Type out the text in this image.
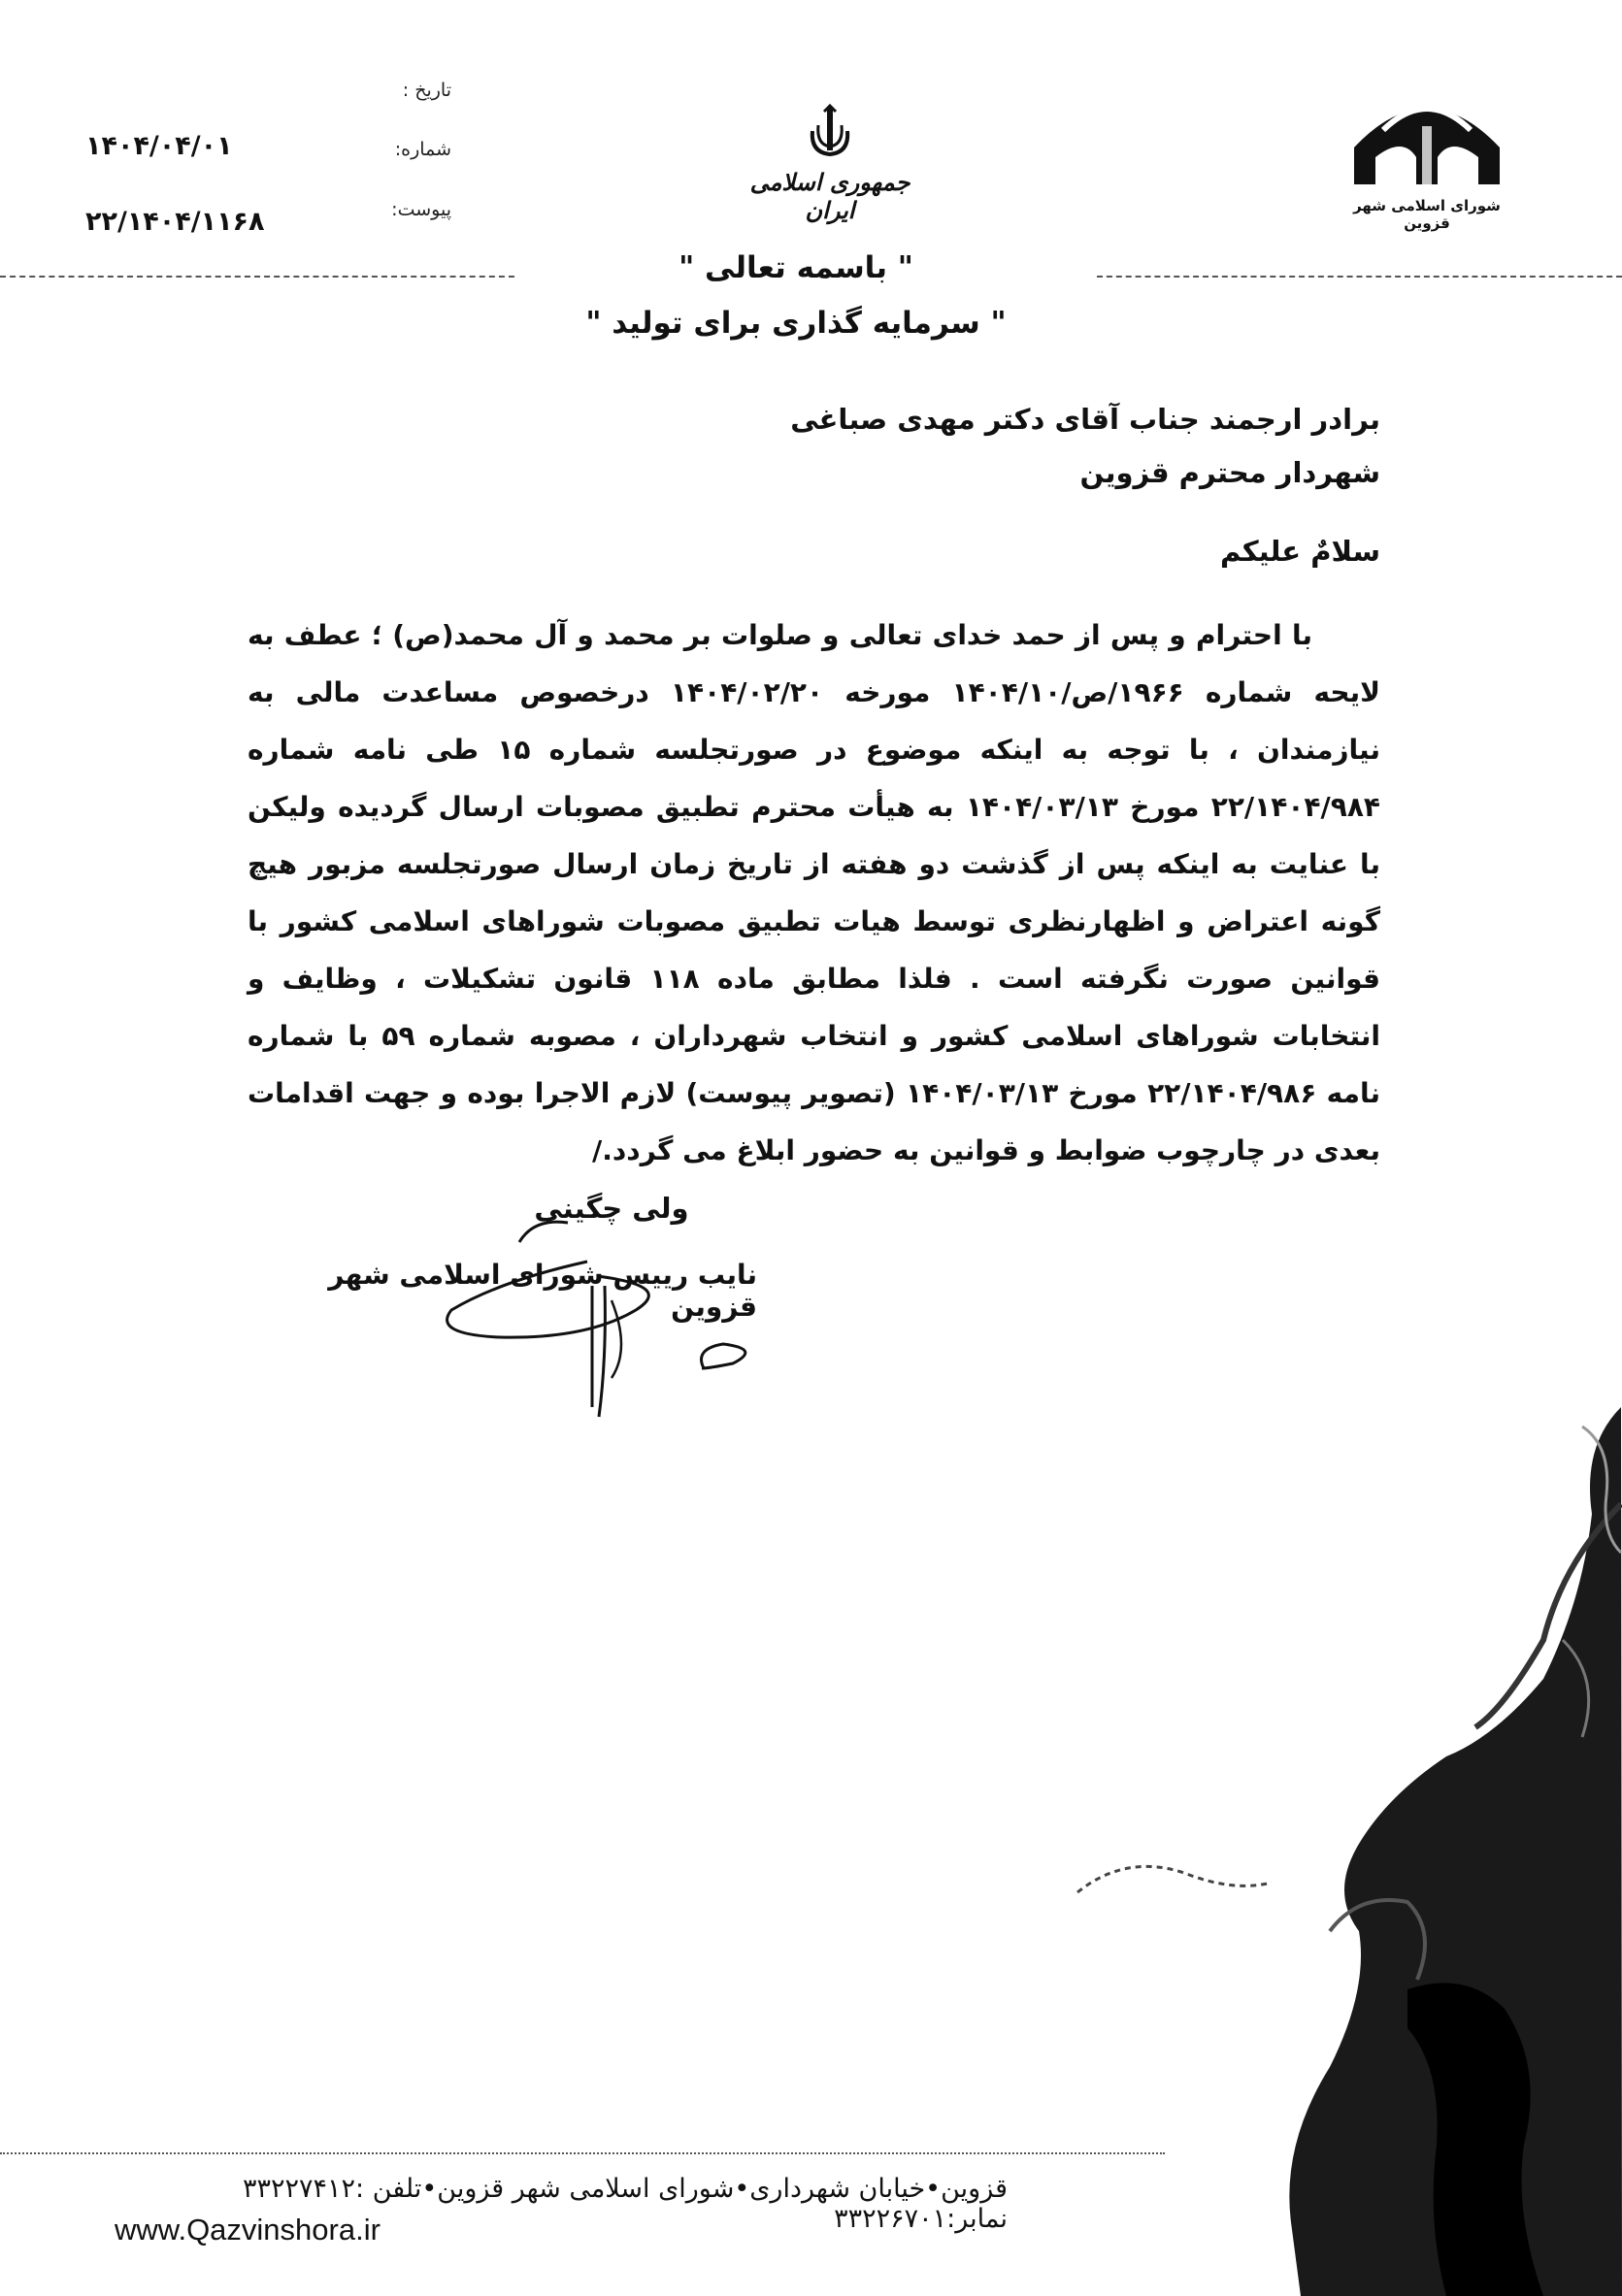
شورای اسلامی شهر قزوین
جمهوری اسلامی ایران
تاریخ :
شماره:
پیوست:
۱۴۰۴/۰۴/۰۱
۲۲/۱۴۰۴/۱۱۶۸
" باسمه تعالی "
" سرمایه گذاری برای تولید "
برادر ارجمند جناب آقای دکتر مهدی صباغی
شهردار محترم قزوین
سلامٌ علیکم
با احترام و پس از حمد خدای تعالی و صلوات بر محمد و آل محمد(ص) ؛ عطف به لایحه شماره ۱۹۶۶/ص/۱۴۰۴/۱۰ مورخه ۱۴۰۴/۰۲/۲۰ درخصوص مساعدت مالی به نیازمندان ، با توجه به اینکه موضوع در صورتجلسه شماره ۱۵ طی نامه شماره ۲۲/۱۴۰۴/۹۸۴ مورخ ۱۴۰۴/۰۳/۱۳ به هیأت محترم تطبیق مصوبات ارسال گردیده ولیکن با عنایت به اینکه پس از گذشت دو هفته از تاریخ زمان ارسال صورتجلسه مزبور هیچ گونه اعتراض و اظهارنظری توسط هیات تطبیق مصوبات شوراهای اسلامی کشور با قوانین صورت نگرفته است . فلذا مطابق ماده ۱۱۸ قانون تشکیلات ، وظایف و انتخابات شوراهای اسلامی کشور و انتخاب شهرداران ، مصوبه شماره ۵۹ با شماره نامه ۲۲/۱۴۰۴/۹۸۶ مورخ ۱۴۰۴/۰۳/۱۳ (تصویر پیوست) لازم الاجرا بوده و جهت اقدامات بعدی در چارچوب ضوابط و قوانین به حضور ابلاغ می گردد./
ولی چگینی
نایب رییس شورای اسلامی شهر قزوین
قزوین•خیابان شهرداری•شورای اسلامی شهر قزوین•تلفن :۳۳۲۲۷۴۱۲ نمابر:۳۳۲۲۶۷۰۱
www.Qazvinshora.ir
